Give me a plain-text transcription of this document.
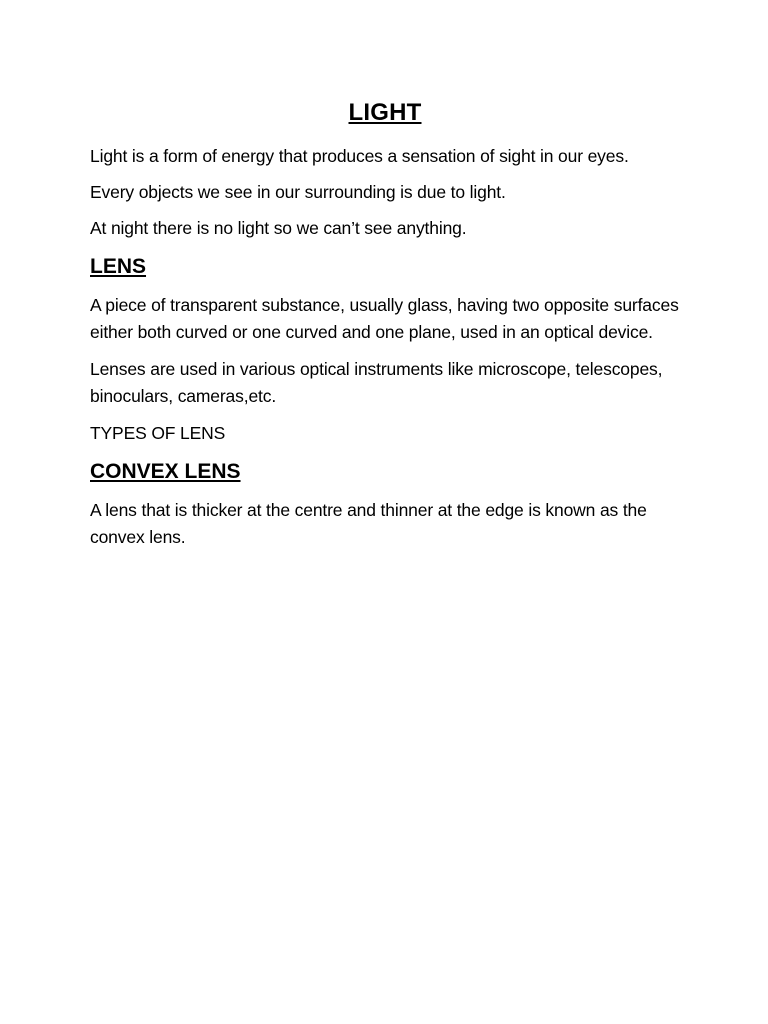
LIGHT

Light is a form of energy that produces a sensation of sight in our eyes.

Every objects we see in our surrounding is due to light.

At night there is no light so we can’t see anything.

LENS

A piece of transparent substance, usually glass, having two opposite surfaces either both curved or one curved and one plane, used in an optical device.

Lenses are used in various optical instruments like microscope, telescopes, binoculars, cameras,etc.

TYPES OF LENS

CONVEX LENS

A lens that is thicker at the centre and thinner at the edge is known as the convex lens.
